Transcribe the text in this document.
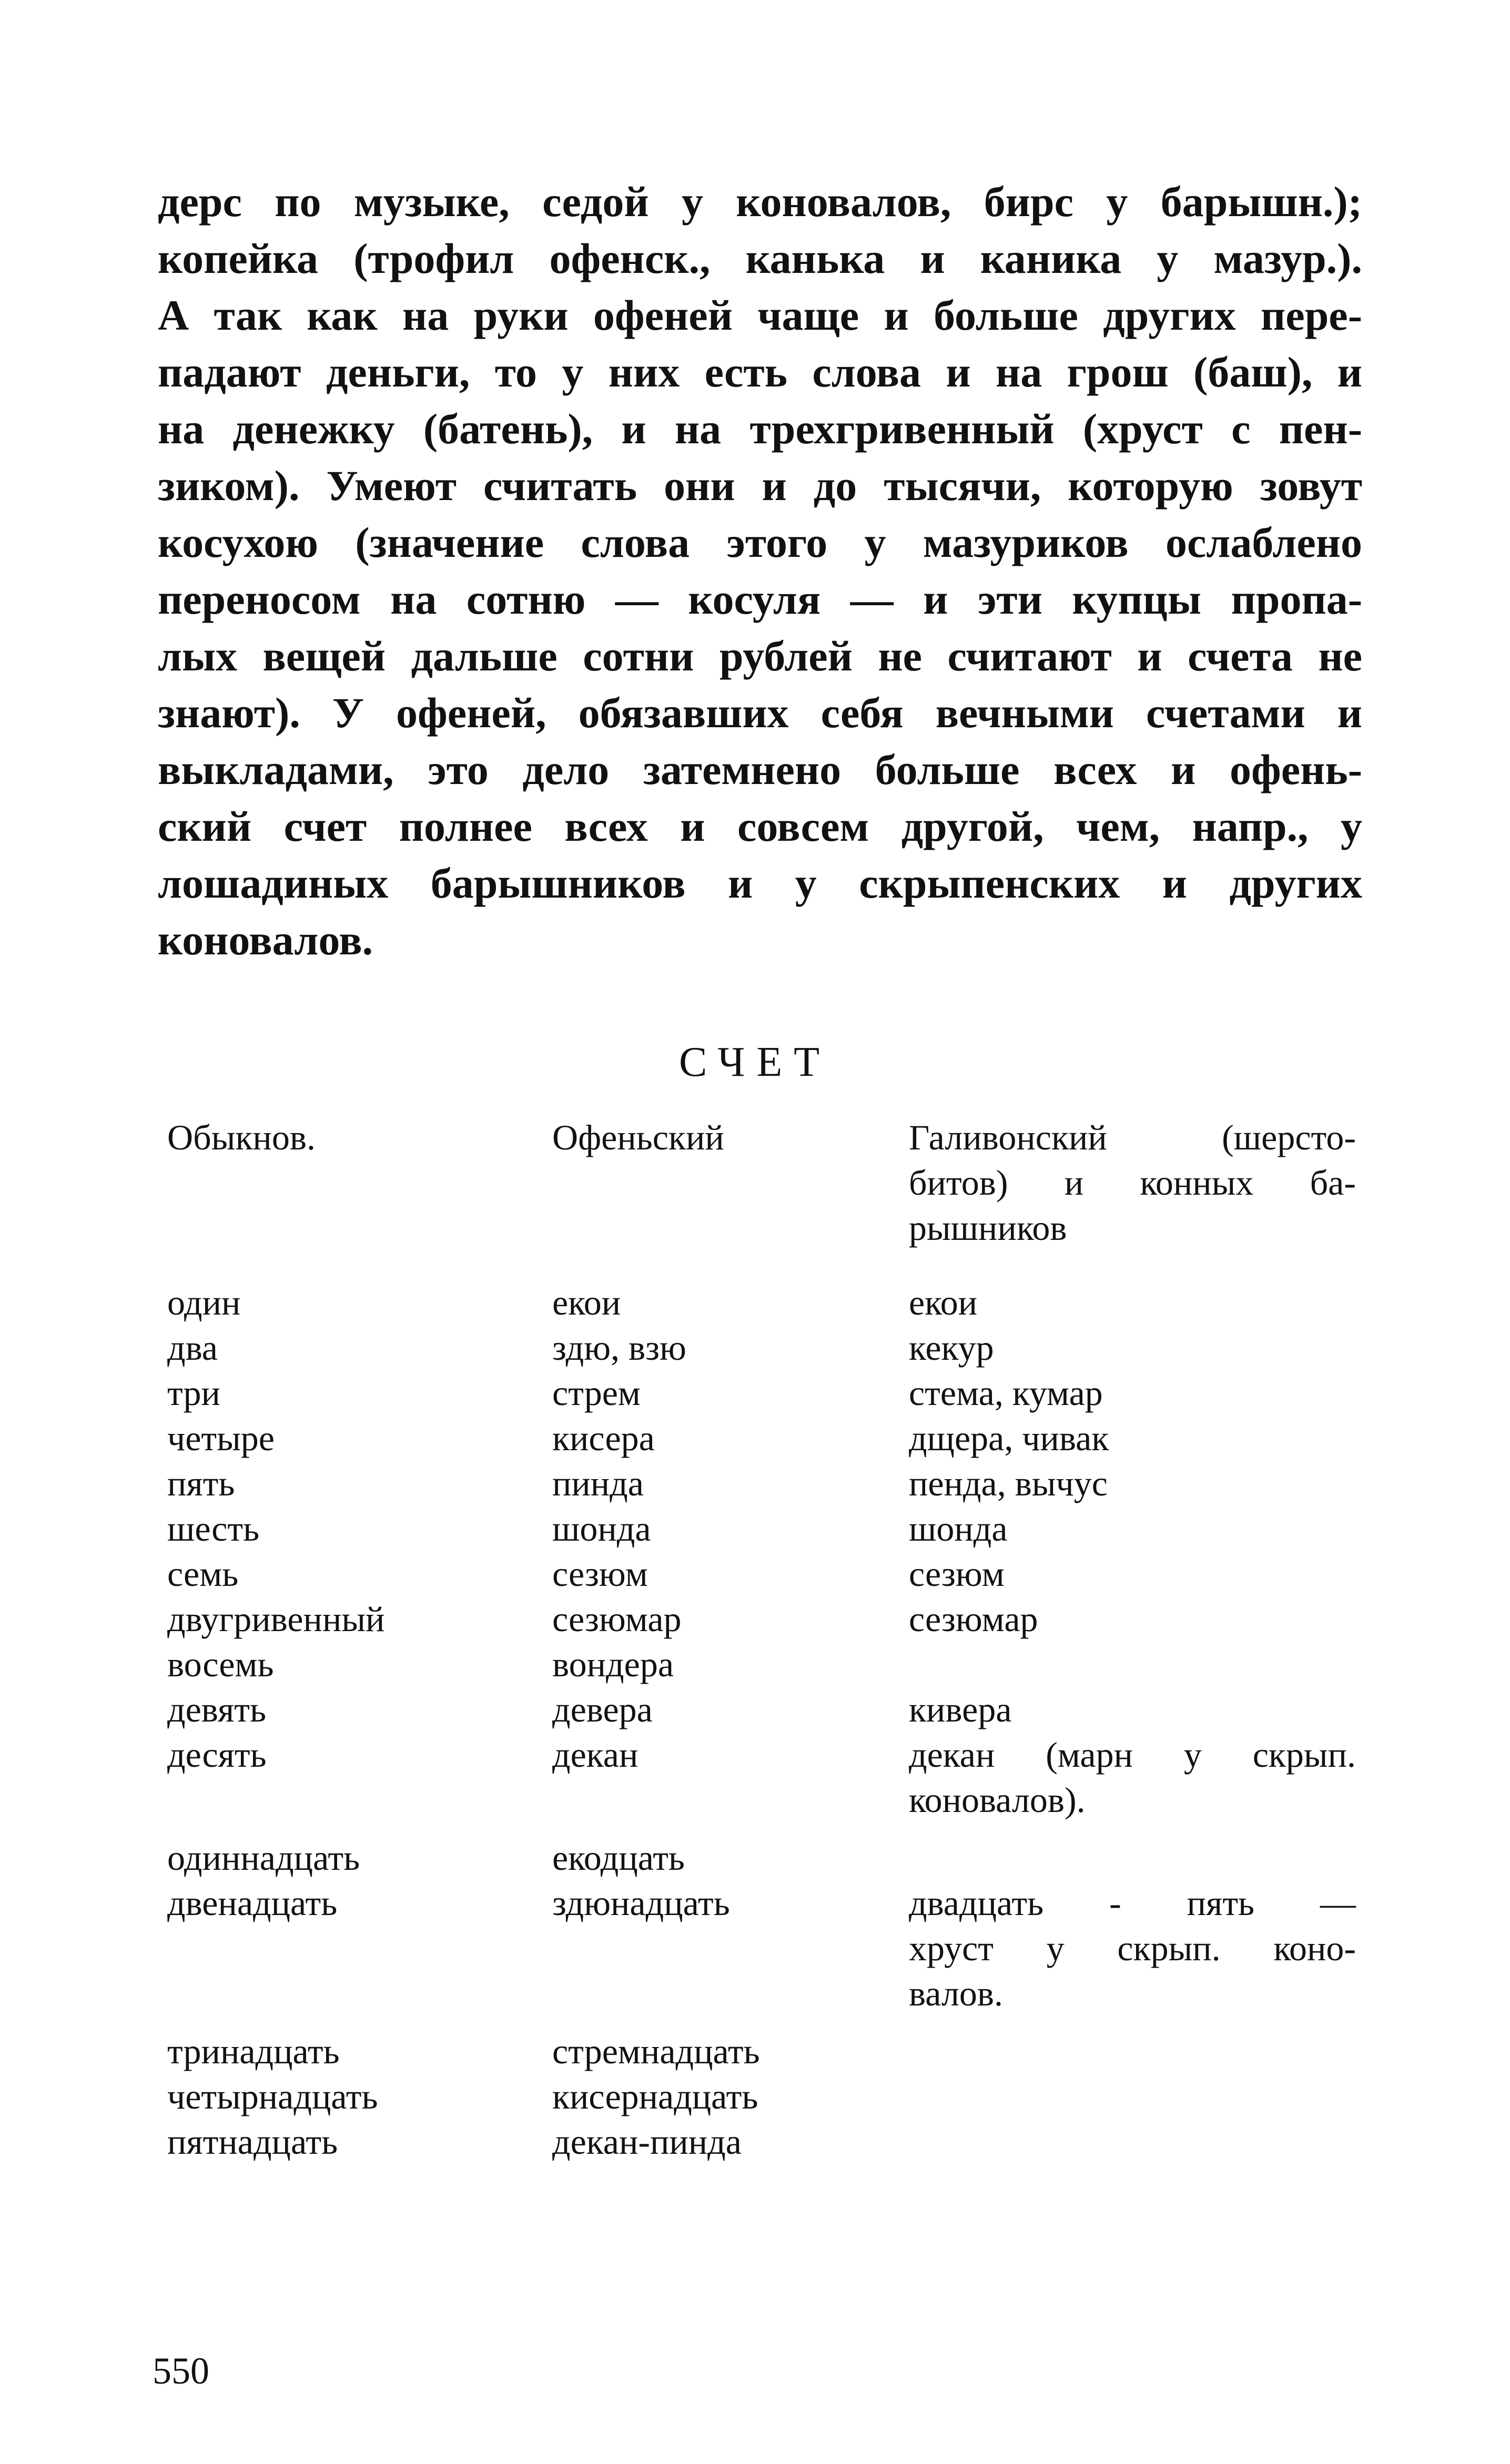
дерс по музыке, седой у коновалов, бирс у барышн.);
копейка (трофил офенск., канька и каника у мазур.).
А так как на руки офеней чаще и больше других пере-
падают деньги, то у них есть слова и на грош (баш), и
на денежку (батень), и на трехгривенный (хруст с пен-
зиком). Умеют считать они и до тысячи, которую зовут
косухою (значение слова этого у мазуриков ослаблено
переносом на сотню — косуля — и эти купцы пропа-
лых вещей дальше сотни рублей не считают и счета не
знают). У офеней, обязавших себя вечными счетами и
выкладами, это дело затемнено больше всех и офень-
ский счет полнее всех и совсем другой, чем, напр., у
лошадиных барышников и у скрыпенских и других
коновалов.
СЧЕТ
Обыкнов.	Офеньский	Галивонский (шерсто-
битов) и конных ба-
рышников
один	екои	екои
два	здю, взю	кекур
три	стрем	стема, кумар
четыре	кисера	дщера, чивак
пять	пинда	пенда, вычус
шесть	шонда	шонда
семь	сезюм	сезюм
двугривенный	сезюмар	сезюмар
восемь	вондера
девять	девера	кивера
десять	декан	декан (марн у скрып.
коновалов).
одиннадцать	екодцать
двенадцать	здюнадцать	двадцать - пять —
хруст у скрып. коно-
валов.
тринадцать	стремнадцать
четырнадцать	кисернадцать
пятнадцать	декан-пинда
550
